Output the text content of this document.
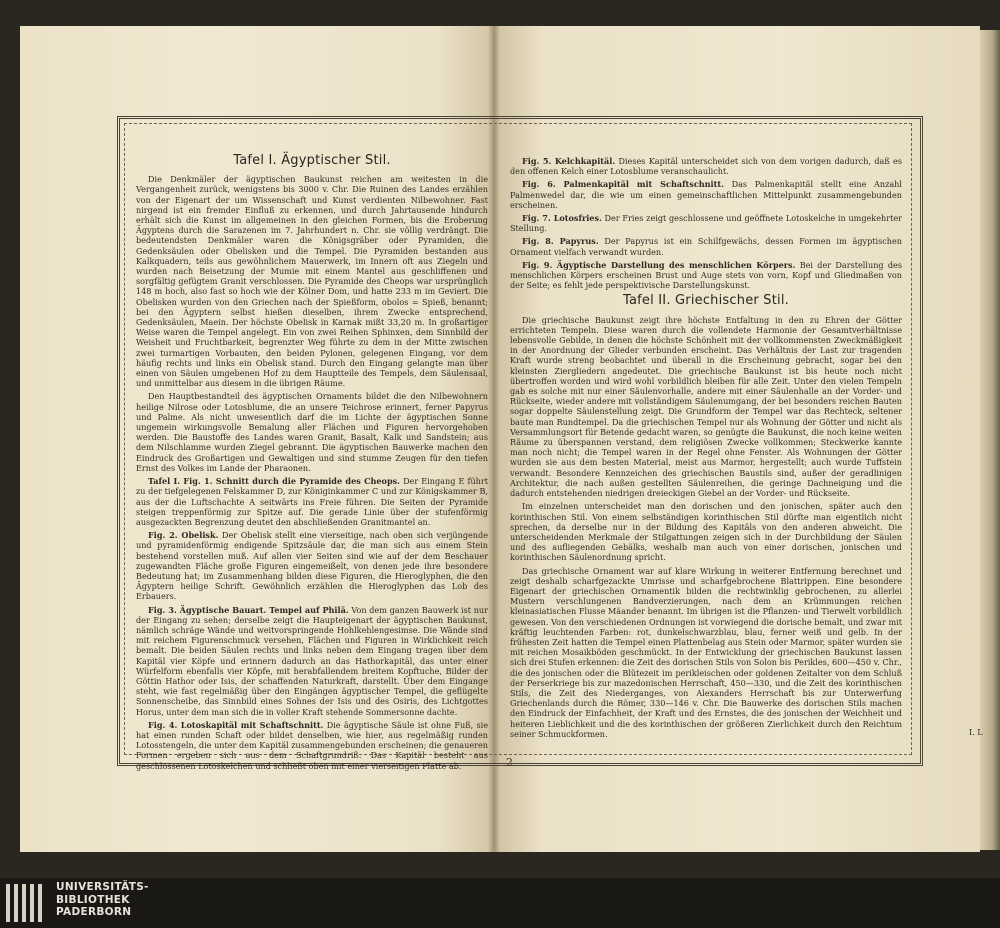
Tafel I. Ägyptischer Stil.

Die Denkmäler der ägyptischen Baukunst reichen am weitesten in die Vergangenheit zurück, wenigstens bis 3000 v. Chr. Die Ruinen des Landes erzählen von der Eigenart der um Wissenschaft und Kunst verdienten Nilbewohner. Fast nirgend ist ein fremder Einfluß zu erkennen, und durch Jahrtausende hindurch erhält sich die Kunst im allgemeinen in den gleichen Formen, bis die Eroberung Ägyptens durch die Sarazenen im 7. Jahrhundert n. Chr. sie völlig verdrängt. Die bedeutendsten Denkmäler waren die Königsgräber oder Pyramiden, die Gedenksäulen oder Obelisken und die Tempel. Die Pyramiden bestanden aus Kalkquadern, teils aus gewöhnlichem Mauerwerk, im Innern oft aus Ziegeln und wurden nach Beisetzung der Mumie mit einem Mantel aus geschliffenen und sorgfältig gefügtem Granit verschlossen. Die Pyramide des Cheops war ursprünglich 148 m hoch, also fast so hoch wie der Kölner Dom, und hatte 233 m im Geviert. Die Obelisken wurden von den Griechen nach der Spießform, obolos = Spieß, benannt; bei den Ägyptern selbst hießen dieselben, ihrem Zwecke entsprechend, Gedenksäulen, Maein. Der höchste Obelisk in Karnak mißt 33,20 m. In großartiger Weise waren die Tempel angelegt. Ein von zwei Reihen Sphinxen, dem Sinnbild der Weisheit und Fruchtbarkeit, begrenzter Weg führte zu dem in der Mitte zwischen zwei turmartigen Vorbauten, den beiden Pylonen, gelegenen Eingang, vor dem häufig rechts und links ein Obelisk stand. Durch den Eingang gelangte man über einen von Säulen umgebenen Hof zu dem Hauptteile des Tempels, dem Säulensaal, und unmittelbar aus diesem in die übrigen Räume.

Den Hauptbestandteil des ägyptischen Ornaments bildet die den Nilbewohnern heilige Nilrose oder Lotosblume, die an unsere Teichrose erinnert, ferner Papyrus und Palme. Als nicht unwesentlich darf die im Lichte der ägyptischen Sonne ungemein wirkungsvolle Bemalung aller Flächen und Figuren hervorgehoben werden. Die Baustoffe des Landes waren Granit, Basalt, Kalk und Sandstein; aus dem Nilschlamme wurden Ziegel gebrannt. Die ägyptischen Bauwerke machen den Eindruck des Großartigen und Gewaltigen und sind stumme Zeugen für den tiefen Ernst des Volkes im Lande der Pharaonen.

Tafel I. Fig. 1. Schnitt durch die Pyramide des Cheops. Der Eingang E führt zu der tiefgelegenen Felskammer D, zur Königinkammer C und zur Königskammer B, aus der die Luftschachte A seitwärts ins Freie führen. Die Seiten der Pyramide steigen treppenförmig zur Spitze auf. Die gerade Linie über der stufenförmig ausgezackten Begrenzung deutet den abschließenden Granitmantel an.

Fig. 2. Obelisk. Der Obelisk stellt eine vierseitige, nach oben sich verjüngende und pyramidenförmig endigende Spitzsäule dar, die man sich aus einem Stein bestehend vorstellen muß. Auf allen vier Seiten sind wie auf der dem Beschauer zugewandten Fläche große Figuren eingemeißelt, von denen jede ihre besondere Bedeutung hat; im Zusammenhang bilden diese Figuren, die Hieroglyphen, die den Ägyptern heilige Schrift. Gewöhnlich erzählen die Hieroglyphen das Lob des Erbauers.

Fig. 3. Ägyptische Bauart. Tempel auf Philä. Von dem ganzen Bauwerk ist nur der Eingang zu sehen; derselbe zeigt die Haupteigenart der ägyptischen Baukunst, nämlich schräge Wände und weitvorspringende Hohlkehlengesimse. Die Wände sind mit reichem Figurenschmuck versehen, Flächen und Figuren in Wirklichkeit reich bemalt. Die beiden Säulen rechts und links neben dem Eingang tragen über dem Kapitäl vier Köpfe und erinnern dadurch an das Hathorkapitäl, das unter einer Würfelform ebenfalls vier Köpfe, mit herabfallendem breitem Kopftuche, Bilder der Göttin Hathor oder Isis, der schaffenden Naturkraft, darstellt. Über dem Eingange steht, wie fast regelmäßig über den Eingängen ägyptischer Tempel, die geflügelte Sonnenscheibe, das Sinnbild eines Sohnes der Isis und des Osiris, des Lichtgottes Horus, unter dem man sich die in voller Kraft stehende Sommersonne dachte.

Fig. 4. Lotoskapitäl mit Schaftschnitt. Die ägyptische Säule ist ohne Fuß, sie hat einen runden Schaft oder bildet denselben, wie hier, aus regelmäßig runden Lotosstengeln, die unter dem Kapitäl zusammengebunden erscheinen; die genaueren Formen ergeben sich aus dem Schaftgrundriß. Das Kapitäl besteht aus geschlossenen Lotoskelchen und schließt oben mit einer vierseitigen Platte ab.

Fig. 5. Kelchkapitäl. Dieses Kapitäl unterscheidet sich von dem vorigen dadurch, daß es den offenen Kelch einer Lotosblume veranschaulicht.

Fig. 6. Palmenkapitäl mit Schaftschnitt. Das Palmenkapitäl stellt eine Anzahl Palmenwedel dar, die wie um einen gemeinschaftlichen Mittelpunkt zusammengebunden erscheinen.

Fig. 7. Lotosfries. Der Fries zeigt geschlossene und geöffnete Lotoskelche in umgekehrter Stellung.

Fig. 8. Papyrus. Der Papyrus ist ein Schilfgewächs, dessen Formen im ägyptischen Ornament vielfach verwandt wurden.

Fig. 9. Ägyptische Darstellung des menschlichen Körpers. Bei der Darstellung des menschlichen Körpers erscheinen Brust und Auge stets von vorn, Kopf und Gliedmaßen von der Seite; es fehlt jede perspektivische Darstellungskunst.

Tafel II. Griechischer Stil.

Die griechische Baukunst zeigt ihre höchste Entfaltung in den zu Ehren der Götter errichteten Tempeln. Diese waren durch die vollendete Harmonie der Gesamtverhältnisse lebensvolle Gebilde, in denen die höchste Schönheit mit der vollkommensten Zweckmäßigkeit in der Anordnung der Glieder verbunden erscheint. Das Verhältnis der Last zur tragenden Kraft wurde streng beobachtet und überall in die Erscheinung gebracht, sogar bei den kleinsten Ziergliedern angedeutet. Die griechische Baukunst ist bis heute noch nicht übertroffen worden und wird wohl vorbildlich bleiben für alle Zeit. Unter den vielen Tempeln gab es solche mit nur einer Säulenvorhalle, andere mit einer Säulenhalle an der Vorder- und Rückseite, wieder andere mit vollständigem Säulenumgang, der bei besonders reichen Bauten sogar doppelte Säulenstellung zeigt. Die Grundform der Tempel war das Rechteck, seltener baute man Rundtempel. Da die griechischen Tempel nur als Wohnung der Götter und nicht als Versammlungsort für Betende gedacht waren, so genügte die Baukunst, die noch keine weiten Räume zu überspannen verstand, dem religiösen Zwecke vollkommen; Steckwerke kannte man noch nicht; die Tempel waren in der Regel ohne Fenster. Als Wohnungen der Götter wurden sie aus dem besten Material, meist aus Marmor, hergestellt; auch wurde Tuffstein verwandt. Besondere Kennzeichen des griechischen Baustils sind, außer der geradlinigen Architektur, die nach außen gestellten Säulenreihen, die geringe Dachneigung und die dadurch entstehenden niedrigen dreieckigen Giebel an der Vorder- und Rückseite.

Im einzelnen unterscheidet man den dorischen und den jonischen, später auch den korinthischen Stil. Von einem selbständigen korinthischen Stil dürfte man eigentlich nicht sprechen, da derselbe nur in der Bildung des Kapitäls von den anderen abweicht. Die unterscheidenden Merkmale der Stilgattungen zeigen sich in der Durchbildung der Säulen und des aufliegenden Gebälks, weshalb man auch von einer dorischen, jonischen und korinthischen Säulenordnung spricht.

Das griechische Ornament war auf klare Wirkung in weiterer Entfernung berechnet und zeigt deshalb scharfgezackte Umrisse und scharfgebrochene Blattrippen. Eine besondere Eigenart der griechischen Ornamentik bilden die rechtwinklig gebrochenen, zu allerlei Mustern verschlungenen Bandverzierungen, nach dem an Krümmungen reichen kleinasiatischen Flusse Mäander benannt. Im übrigen ist die Pflanzen- und Tierwelt vorbildlich gewesen. Von den verschiedenen Ordnungen ist vorwiegend die dorische bemalt, und zwar mit kräftig leuchtenden Farben: rot, dunkelschwarzblau, blau, ferner weiß und gelb. In der frühesten Zeit hatten die Tempel einen Plattenbelag aus Stein oder Marmor, später wurden sie mit reichen Mosaikböden geschmückt. In der Entwicklung der griechischen Baukunst lassen sich drei Stufen erkennen: die Zeit des dorischen Stils von Solon bis Perikles, 600—450 v. Chr., die des jonischen oder die Blütezeit im perikleischen oder goldenen Zeitalter von dem Schluß der Perserkriege bis zur mazedonischen Herrschaft, 450—330, und die Zeit des korinthischen Stils, die Zeit des Niederganges, von Alexanders Herrschaft bis zur Unterwerfung Griechenlands durch die Römer, 330—146 v. Chr. Die Bauwerke des dorischen Stils machen den Eindruck der Einfachheit, der Kraft und des Ernstes, die des jonischen der Weichheit und heiteren Lieblichkeit und die des korinthischen der größeren Zierlichkeit durch den Reichtum seiner Schmuckformen.

2
I. L
UNIVERSITÄTS-
BIBLIOTHEK
PADERBORN
